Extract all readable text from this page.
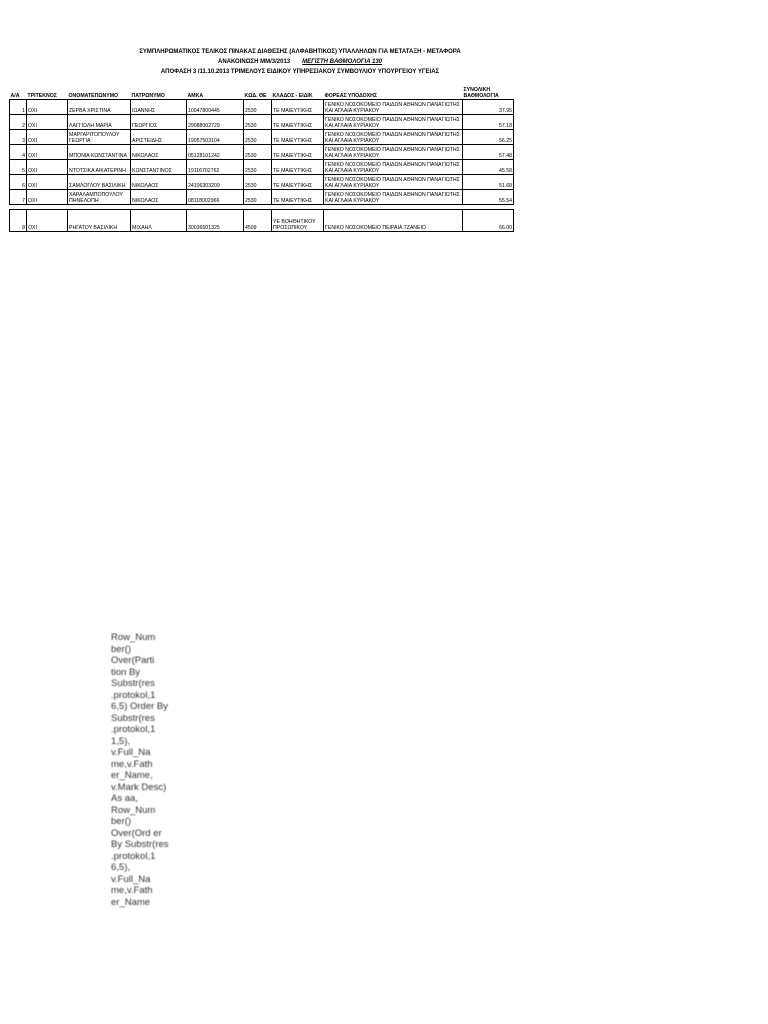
ΣΥΜΠΛΗΡΩΜΑΤΙΚΟΣ ΤΕΛΙΚΟΣ ΠΙΝΑΚΑΣ ΔΙΑΘΕΣΗΣ (ΑΛΦΑΒΗΤΙΚΟΣ) ΥΠΑΛΛΗΛΩΝ ΓΙΑ ΜΕΤΑΤΑΞΗ - ΜΕΤΑΦΟΡΑ
ΑΝΑΚΟΙΝΩΣΗ ΜΜ/3/2013 ΜΕΓΙΣΤΗ ΒΑΘΜΟΛΟΓΙΑ 130
ΑΠΟΦΑΣΗ 3 /11.10.2013 ΤΡΙΜΕΛΟΥΣ ΕΙΔΙΚΟΥ ΥΠΗΡΕΣΙΑΚΟΥ ΣΥΜΒΟΥΛΙΟΥ ΥΠΟΥΡΓΕΙΟΥ ΥΓΕΙΑΣ
Α/Α	ΤΡΙΤΕΚΝΟΣ	ΟΝΟΜΑΤΕΠΩΝΥΜΟ	ΠΑΤΡΩΝΥΜΟ	ΑΜΚΑ	ΚΩΔ. ΘΕ	ΚΛΑΔΟΣ - ΕΙΔΙΚ	ΦΟΡΕΑΣ ΥΠΟΔΟΧΗΣ	ΣΥΝΟΛΙΚΗ ΒΑΘΜΟΛΟΓΙΑ
1	ΟΧΙ	ΖΕΡΒΑ ΧΡΙΣΤΙΝΑ	ΙΩΑΝΝΗΣ	10047800445	2530	ΤΕ ΜΑΙΕΥΤΙΚΗΣ	ΓΕΝΙΚΟ ΝΟΣΟΚΟΜΕΙΟ ΠΑΙΔΩΝ ΑΘΗΝΩΝ ΠΑΝΑΓΙΩΤΗΣ ΚΑΙ ΑΓΛΑΙΑ ΚΥΡΙΑΚΟΥ	37.95
2	ΟΧΙ	ΛΑΓΓΙΩΛΗ ΜΑΡΙΑ	ΓΕΩΡΓΙΟΣ	29088002729	2530	ΤΕ ΜΑΙΕΥΤΙΚΗΣ	ΓΕΝΙΚΟ ΝΟΣΟΚΟΜΕΙΟ ΠΑΙΔΩΝ ΑΘΗΝΩΝ ΠΑΝΑΓΙΩΤΗΣ ΚΑΙ ΑΓΛΑΙΑ ΚΥΡΙΑΚΟΥ	57.18
3	ΟΧΙ	ΜΑΡΓΑΡΙΤΟΠΟΥΛΟΥ ΓΕΩΡΓΙΑ	ΑΡΙΣΤΕΙΔΗΣ	19057503104	2530	ΤΕ ΜΑΙΕΥΤΙΚΗΣ	ΓΕΝΙΚΟ ΝΟΣΟΚΟΜΕΙΟ ΠΑΙΔΩΝ ΑΘΗΝΩΝ ΠΑΝΑΓΙΩΤΗΣ ΚΑΙ ΑΓΛΑΙΑ ΚΥΡΙΑΚΟΥ	56.25
4	ΟΧΙ	ΜΠΟΝΙΑ ΚΩΝΣΤΑΝΤΙΝΑ	ΝΙΚΟΛΑΟΣ	05128101242	2530	ΤΕ ΜΑΙΕΥΤΙΚΗΣ	ΓΕΝΙΚΟ ΝΟΣΟΚΟΜΕΙΟ ΠΑΙΔΩΝ ΑΘΗΝΩΝ ΠΑΝΑΓΙΩΤΗΣ ΚΑΙ ΑΓΛΑΙΑ ΚΥΡΙΑΚΟΥ	57.48
5	ΟΧΙ	ΝΤΟΤΣΙΚΑ ΑΙΚΑΤΕΡΙΝΗ	ΚΩΝΣΤΑΝΤΙΝΟΣ	19116702762	2530	ΤΕ ΜΑΙΕΥΤΙΚΗΣ	ΓΕΝΙΚΟ ΝΟΣΟΚΟΜΕΙΟ ΠΑΙΔΩΝ ΑΘΗΝΩΝ ΠΑΝΑΓΙΩΤΗΣ ΚΑΙ ΑΓΛΑΙΑ ΚΥΡΙΑΚΟΥ	45.58
6	ΟΧΙ	ΣΑΜΛΟΓΛΟΥ ΒΑΣΙΛΙΚΗ	ΝΙΚΟΛΑΟΣ	24106303209	2530	ΤΕ ΜΑΙΕΥΤΙΚΗΣ	ΓΕΝΙΚΟ ΝΟΣΟΚΟΜΕΙΟ ΠΑΙΔΩΝ ΑΘΗΝΩΝ ΠΑΝΑΓΙΩΤΗΣ ΚΑΙ ΑΓΛΑΙΑ ΚΥΡΙΑΚΟΥ	51.68
7	ΟΧΙ	ΧΑΡΑΛΑΜΠΟΠΟΥΛΟΥ ΠΗΝΕΛΟΠΗ	ΝΙΚΟΛΑΟΣ	08118002966	2530	ΤΕ ΜΑΙΕΥΤΙΚΗΣ	ΓΕΝΙΚΟ ΝΟΣΟΚΟΜΕΙΟ ΠΑΙΔΩΝ ΑΘΗΝΩΝ ΠΑΝΑΓΙΩΤΗΣ ΚΑΙ ΑΓΛΑΙΑ ΚΥΡΙΑΚΟΥ	55.54

8	ΟΧΙ	ΡΗΓΑΤΟΥ ΒΑΣΙΛΙΚΗ	ΜΙΧΑΗΛ	30036501325	4509	ΥΕ ΒΟΗΘΗΤΙΚΟΥ ΠΡΟΣΩΠΙΚΟΥ	ΓΕΝΙΚΟ ΝΟΣΟΚΟΜΕΙΟ ΠΕΙΡΑΙΑ ΤΖΑΝΕΙΟ	66.00
Row_Num ber() Over(Parti tion By Substr(res .protokol,1 6,5) Order By Substr(res .protokol,1 1,5), v.Full_Na me,v.Fath er_Name, v.Mark Desc) As aa, Row_Num ber() Over(Ord er By Substr(res .protokol,1 6,5), v.Full_Na me,v.Fath er_Name
